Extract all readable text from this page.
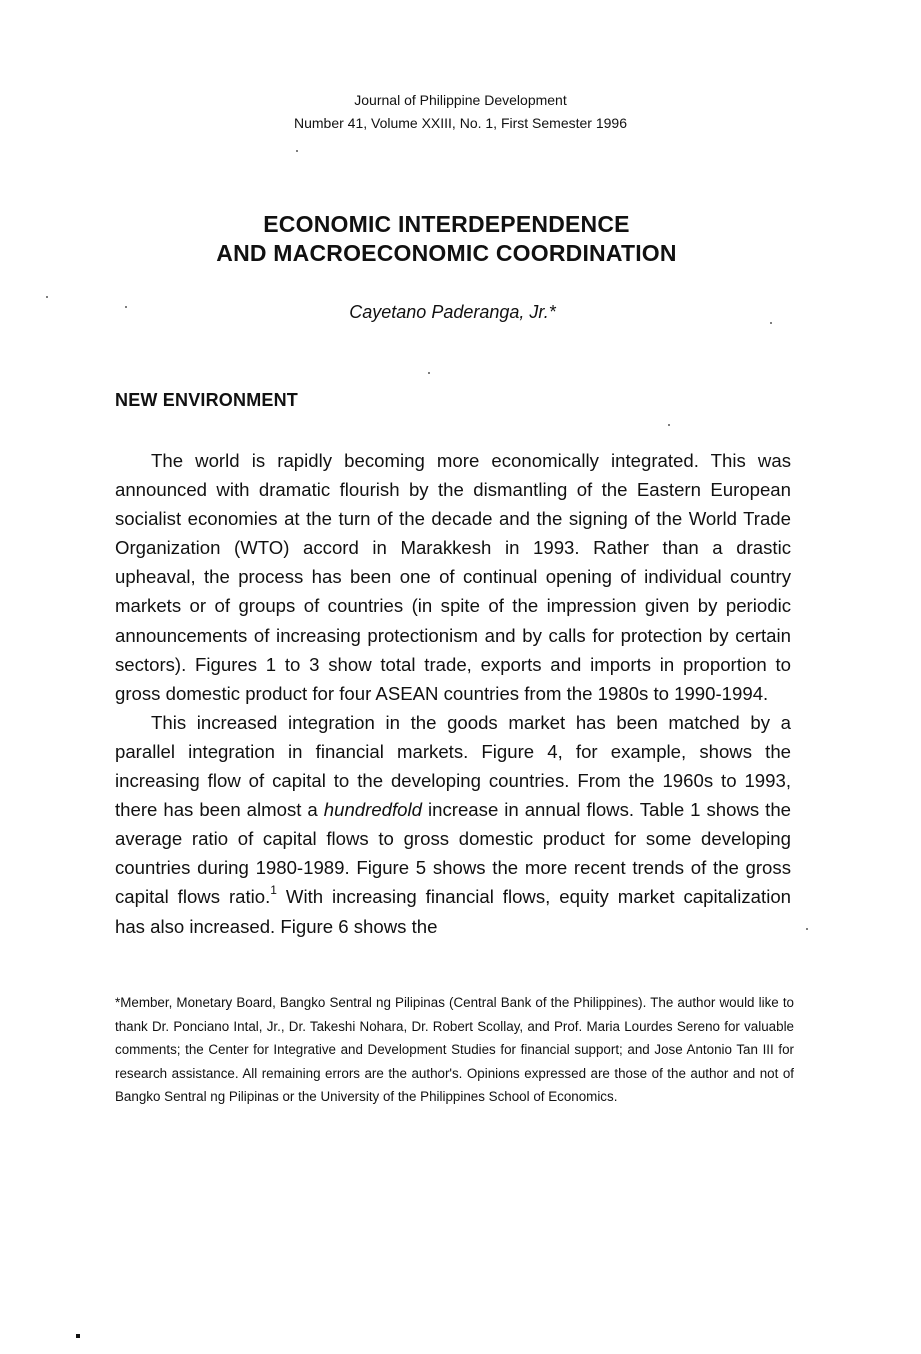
Journal of Philippine Development
Number 41, Volume XXIII, No. 1, First Semester 1996
ECONOMIC INTERDEPENDENCE
AND MACROECONOMIC COORDINATION
Cayetano Paderanga, Jr.*
NEW ENVIRONMENT

The world is rapidly becoming more economically integrated. This was announced with dramatic flourish by the dismantling of the Eastern European socialist economies at the turn of the decade and the signing of the World Trade Organization (WTO) accord in Marakkesh in 1993. Rather than a drastic upheaval, the process has been one of continual opening of individual country markets or of groups of countries (in spite of the impression given by periodic announcements of increasing protectionism and by calls for protection by certain sectors). Figures 1 to 3 show total trade, exports and imports in proportion to gross domestic product for four ASEAN countries from the 1980s to 1990-1994.

This increased integration in the goods market has been matched by a parallel integration in financial markets. Figure 4, for example, shows the increasing flow of capital to the developing countries. From the 1960s to 1993, there has been almost a hundredfold increase in annual flows. Table 1 shows the average ratio of capital flows to gross domestic product for some developing countries during 1980-1989. Figure 5 shows the more recent trends of the gross capital flows ratio.$^1$ With increasing financial flows, equity market capitalization has also increased. Figure 6 shows the

*Member, Monetary Board, Bangko Sentral ng Pilipinas (Central Bank of the Philippines). The author would like to thank Dr. Ponciano Intal, Jr., Dr. Takeshi Nohara, Dr. Robert Scollay, and Prof. Maria Lourdes Sereno for valuable comments; the Center for Integrative and Development Studies for financial support; and Jose Antonio Tan III for research assistance. All remaining errors are the author's. Opinions expressed are those of the author and not of Bangko Sentral ng Pilipinas or the University of the Philippines School of Economics.
